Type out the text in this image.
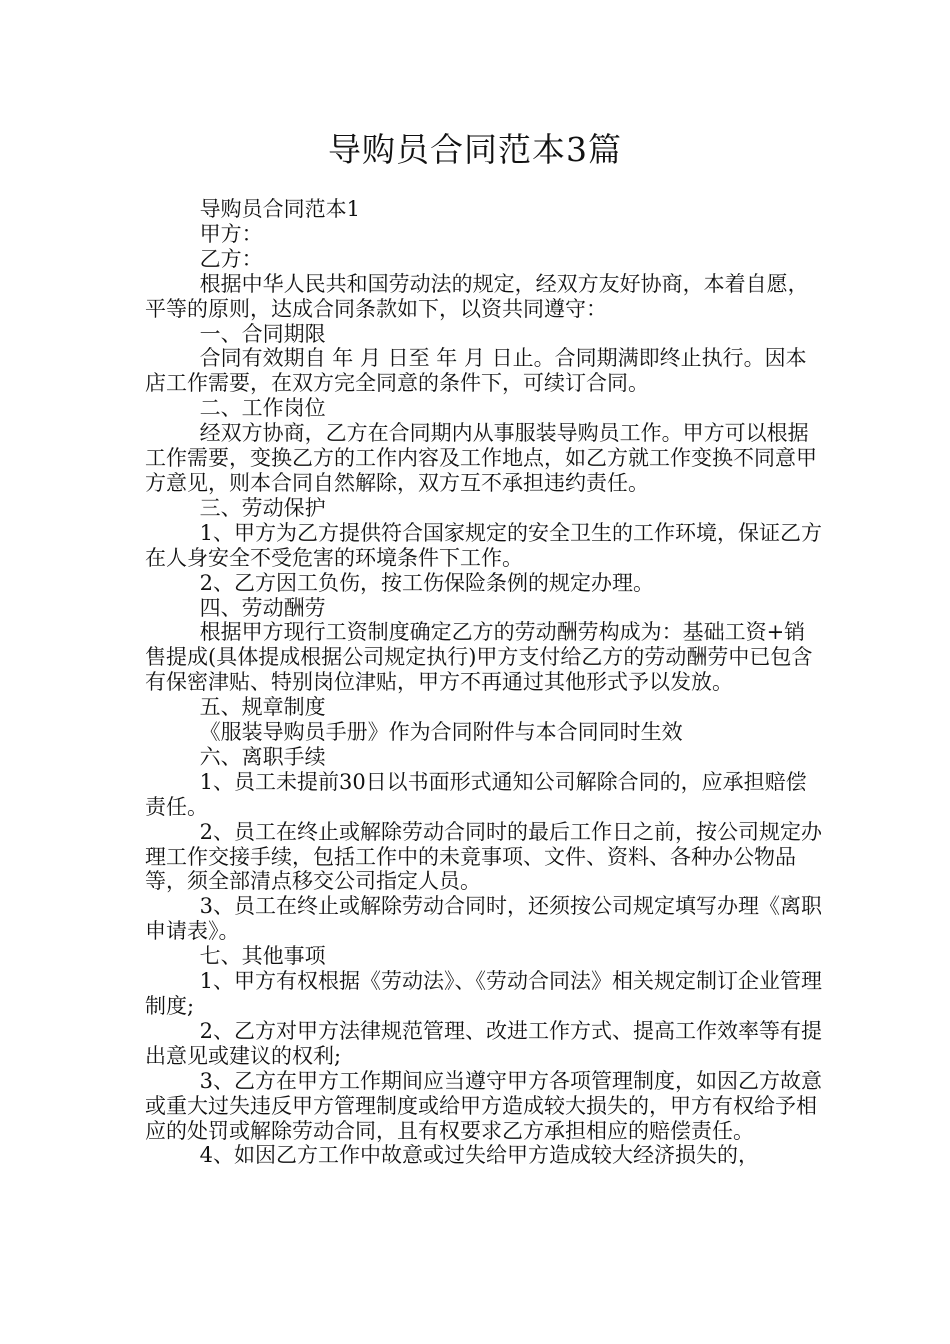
导购员合同范本3篇

导购员合同范本1

甲方：

乙方：

根据中华人民共和国劳动法的规定，经双方友好协商，本着自愿，平等的原则，达成合同条款如下，以资共同遵守：

一、合同期限

合同有效期自 年 月 日至 年 月 日止。合同期满即终止执行。因本店工作需要，在双方完全同意的条件下，可续订合同。

二、工作岗位

经双方协商，乙方在合同期内从事服装导购员工作。甲方可以根据工作需要，变换乙方的工作内容及工作地点，如乙方就工作变换不同意甲方意见，则本合同自然解除，双方互不承担违约责任。

三、劳动保护

1、甲方为乙方提供符合国家规定的安全卫生的工作环境，保证乙方在人身安全不受危害的环境条件下工作。

2、乙方因工负伤，按工伤保险条例的规定办理。

四、劳动酬劳

根据甲方现行工资制度确定乙方的劳动酬劳构成为：基础工资+销售提成(具体提成根据公司规定执行)甲方支付给乙方的劳动酬劳中已包含有保密津贴、特别岗位津贴，甲方不再通过其他形式予以发放。

五、规章制度

《服装导购员手册》作为合同附件与本合同同时生效

六、离职手续

1、员工未提前30日以书面形式通知公司解除合同的，应承担赔偿责任。

2、员工在终止或解除劳动合同时的最后工作日之前，按公司规定办理工作交接手续，包括工作中的未竟事项、文件、资料、各种办公物品等，须全部清点移交公司指定人员。

3、员工在终止或解除劳动合同时，还须按公司规定填写办理《离职申请表》。

七、其他事项

1、甲方有权根据《劳动法》、《劳动合同法》相关规定制订企业管理制度;

2、乙方对甲方法律规范管理、改进工作方式、提高工作效率等有提出意见或建议的权利;

3、乙方在甲方工作期间应当遵守甲方各项管理制度，如因乙方故意或重大过失违反甲方管理制度或给甲方造成较大损失的，甲方有权给予相应的处罚或解除劳动合同，且有权要求乙方承担相应的赔偿责任。

4、如因乙方工作中故意或过失给甲方造成较大经济损失的，
